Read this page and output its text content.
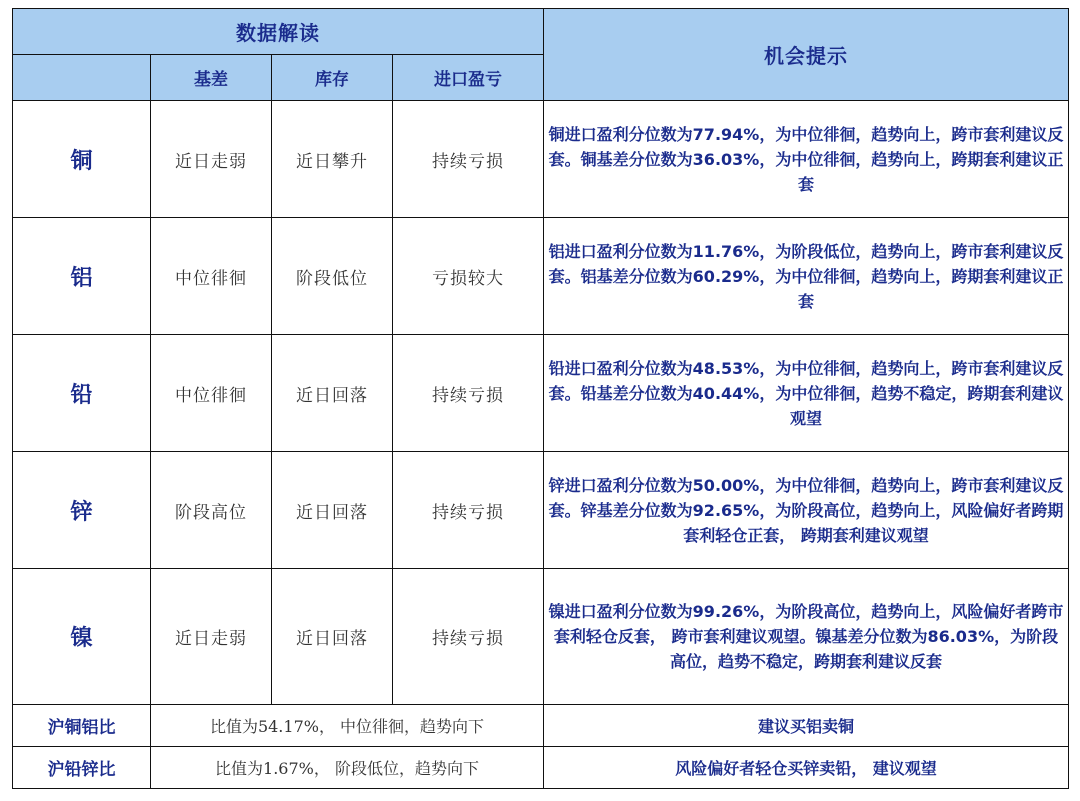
数据解读				机会提示
	基差	库存	进口盈亏	
铜	近日走弱	近日攀升	持续亏损	铜进口盈利分位数为77.94%，为中位徘徊，趋势向上，跨市套利建议反套。铜基差分位数为36.03%，为中位徘徊，趋势向上，跨期套利建议正套
铝	中位徘徊	阶段低位	亏损较大	铝进口盈利分位数为11.76%，为阶段低位，趋势向上，跨市套利建议反套。铝基差分位数为60.29%，为中位徘徊，趋势向上，跨期套利建议正套
铅	中位徘徊	近日回落	持续亏损	铅进口盈利分位数为48.53%，为中位徘徊，趋势向上，跨市套利建议反套。铅基差分位数为40.44%，为中位徘徊，趋势不稳定，跨期套利建议观望
锌	阶段高位	近日回落	持续亏损	锌进口盈利分位数为50.00%，为中位徘徊，趋势向上，跨市套利建议反套。锌基差分位数为92.65%，为阶段高位，趋势向上，风险偏好者跨期套利轻仓正套， 跨期套利建议观望
镍	近日走弱	近日回落	持续亏损	镍进口盈利分位数为99.26%，为阶段高位，趋势向上，风险偏好者跨市套利轻仓反套， 跨市套利建议观望。镍基差分位数为86.03%，为阶段高位，趋势不稳定，跨期套利建议反套
沪铜铝比	比值为54.17%， 中位徘徊，趋势向下			建议买铝卖铜
沪铅锌比	比值为1.67%， 阶段低位，趋势向下			风险偏好者轻仓买锌卖铅， 建议观望
